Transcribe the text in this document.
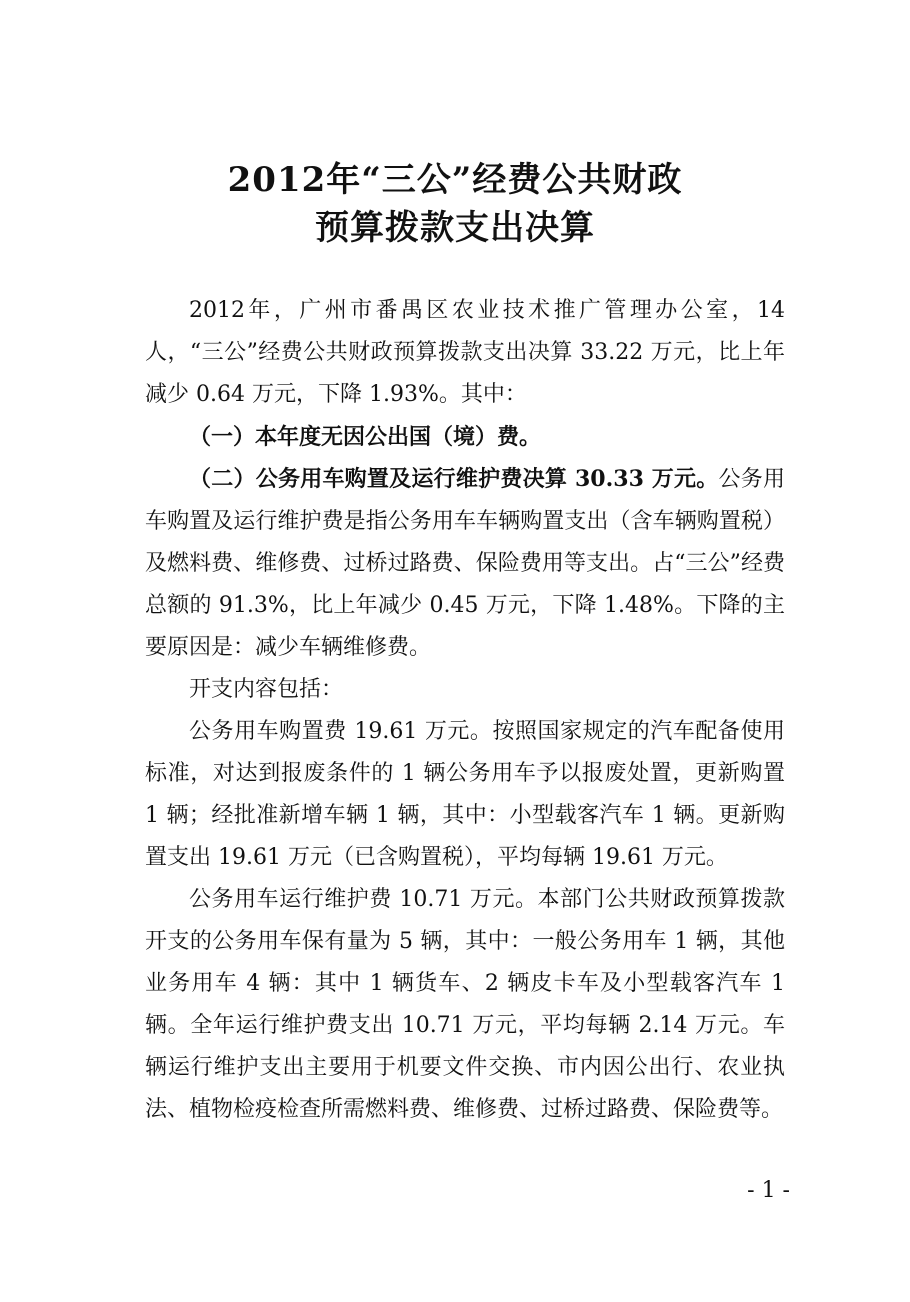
2012年“三公”经费公共财政
预算拨款支出决算

2012年，广州市番禺区农业技术推广管理办公室，14人，“三公”经费公共财政预算拨款支出决算 33.22 万元，比上年减少 0.64 万元，下降 1.93%。其中：

（一）本年度无因公出国（境）费。

（二）公务用车购置及运行维护费决算 30.33 万元。公务用车购置及运行维护费是指公务用车车辆购置支出（含车辆购置税）及燃料费、维修费、过桥过路费、保险费用等支出。占“三公”经费总额的 91.3%，比上年减少 0.45 万元，下降 1.48%。下降的主要原因是：减少车辆维修费。

开支内容包括：

公务用车购置费 19.61 万元。按照国家规定的汽车配备使用标准，对达到报废条件的 1 辆公务用车予以报废处置，更新购置 1 辆；经批准新增车辆 1 辆，其中：小型载客汽车 1 辆。更新购置支出 19.61 万元（已含购置税），平均每辆 19.61 万元。

公务用车运行维护费 10.71 万元。本部门公共财政预算拨款开支的公务用车保有量为 5 辆，其中：一般公务用车 1 辆，其他业务用车 4 辆：其中 1 辆货车、2 辆皮卡车及小型载客汽车 1 辆。全年运行维护费支出 10.71 万元，平均每辆 2.14 万元。车辆运行维护支出主要用于机要文件交换、市内因公出行、农业执法、植物检疫检查所需燃料费、维修费、过桥过路费、保险费等。

- 1 -
